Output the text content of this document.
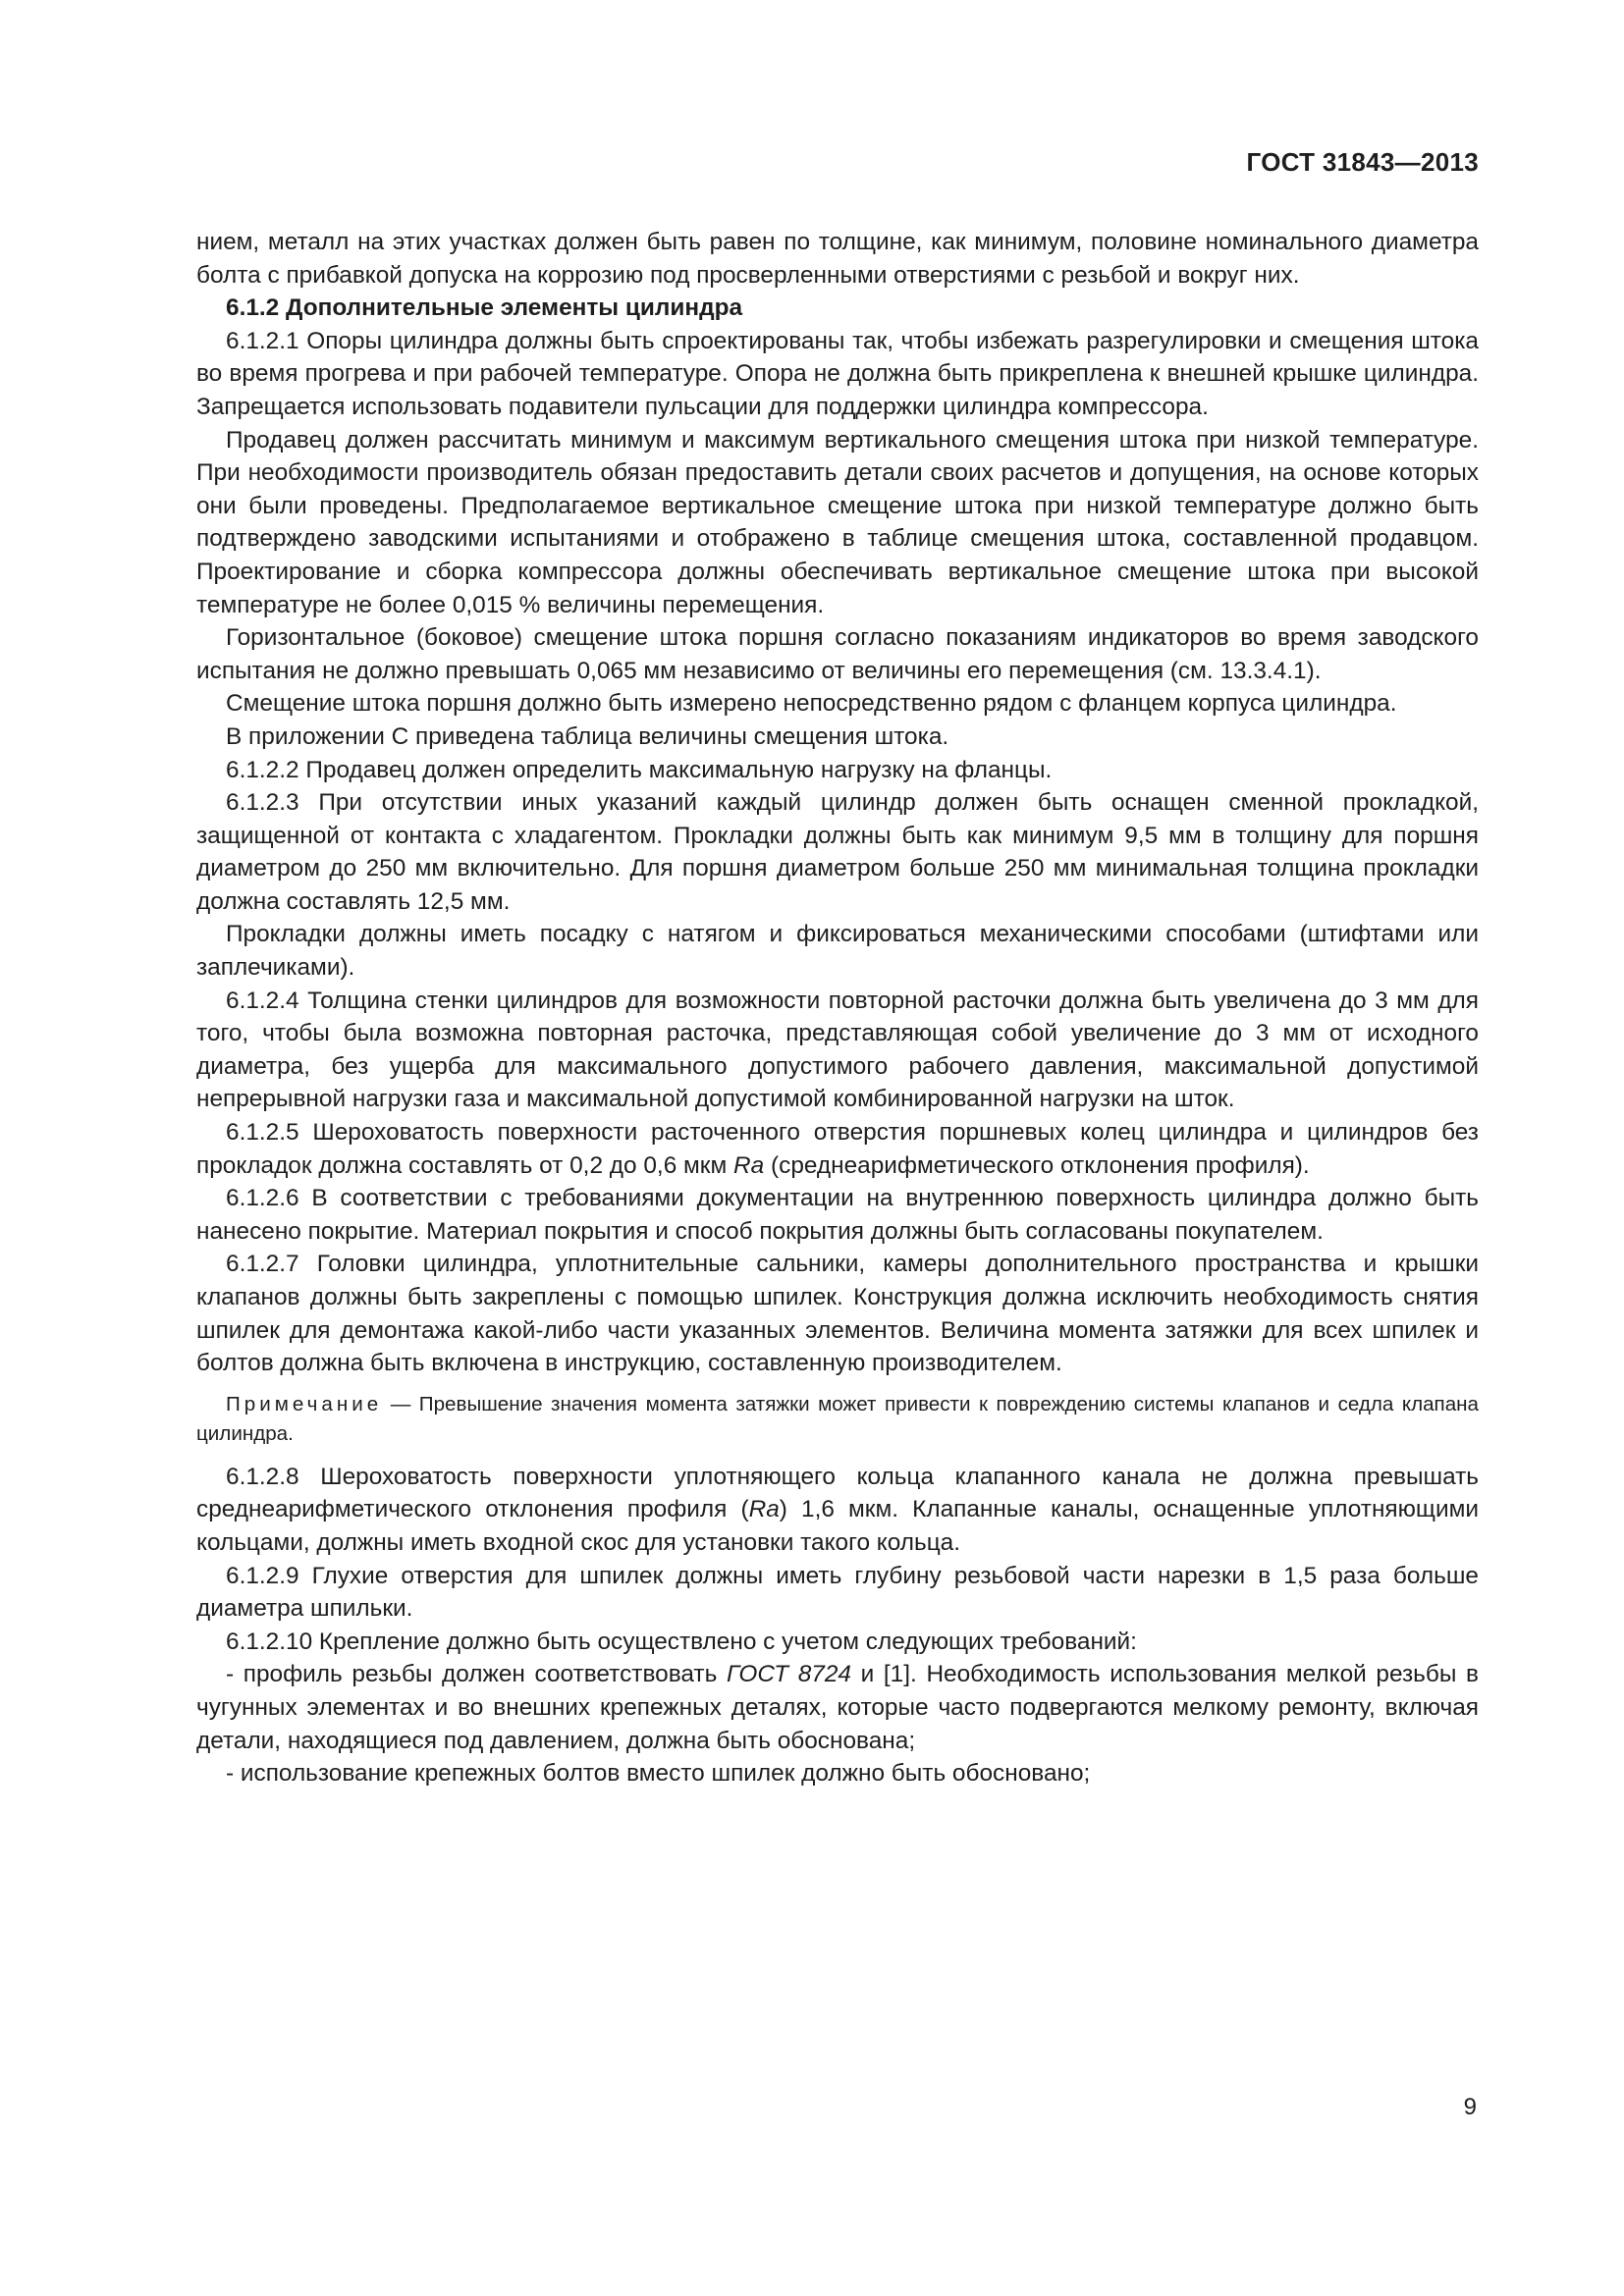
ГОСТ 31843—2013

нием, металл на этих участках должен быть равен по толщине, как минимум, половине номинального диаметра болта с прибавкой допуска на коррозию под просверленными отверстиями с резьбой и вокруг них.

6.1.2 Дополнительные элементы цилиндра

6.1.2.1 Опоры цилиндра должны быть спроектированы так, чтобы избежать разрегулировки и смещения штока во время прогрева и при рабочей температуре. Опора не должна быть прикреплена к внешней крышке цилиндра. Запрещается использовать подавители пульсации для поддержки цилиндра компрессора.

Продавец должен рассчитать минимум и максимум вертикального смещения штока при низкой температуре. При необходимости производитель обязан предоставить детали своих расчетов и допущения, на основе которых они были проведены. Предполагаемое вертикальное смещение штока при низкой температуре должно быть подтверждено заводскими испытаниями и отображено в таблице смещения штока, составленной продавцом. Проектирование и сборка компрессора должны обеспечивать вертикальное смещение штока при высокой температуре не более 0,015 % величины перемещения.

Горизонтальное (боковое) смещение штока поршня согласно показаниям индикаторов во время заводского испытания не должно превышать 0,065 мм независимо от величины его перемещения (см. 13.3.4.1).

Смещение штока поршня должно быть измерено непосредственно рядом с фланцем корпуса цилиндра.

В приложении С приведена таблица величины смещения штока.

6.1.2.2 Продавец должен определить максимальную нагрузку на фланцы.

6.1.2.3 При отсутствии иных указаний каждый цилиндр должен быть оснащен сменной прокладкой, защищенной от контакта с хладагентом. Прокладки должны быть как минимум 9,5 мм в толщину для поршня диаметром до 250 мм включительно. Для поршня диаметром больше 250 мм минимальная толщина прокладки должна составлять 12,5 мм.

Прокладки должны иметь посадку с натягом и фиксироваться механическими способами (штифтами или заплечиками).

6.1.2.4 Толщина стенки цилиндров для возможности повторной расточки должна быть увеличена до 3 мм для того, чтобы была возможна повторная расточка, представляющая собой увеличение до 3 мм от исходного диаметра, без ущерба для максимального допустимого рабочего давления, максимальной допустимой непрерывной нагрузки газа и максимальной допустимой комбинированной нагрузки на шток.

6.1.2.5 Шероховатость поверхности расточенного отверстия поршневых колец цилиндра и цилиндров без прокладок должна составлять от 0,2 до 0,6 мкм Ra (среднеарифметического отклонения профиля).

6.1.2.6 В соответствии с требованиями документации на внутреннюю поверхность цилиндра должно быть нанесено покрытие. Материал покрытия и способ покрытия должны быть согласованы покупателем.

6.1.2.7 Головки цилиндра, уплотнительные сальники, камеры дополнительного пространства и крышки клапанов должны быть закреплены с помощью шпилек. Конструкция должна исключить необходимость снятия шпилек для демонтажа какой-либо части указанных элементов. Величина момента затяжки для всех шпилек и болтов должна быть включена в инструкцию, составленную производителем.

Примечание — Превышение значения момента затяжки может привести к повреждению системы клапанов и седла клапана цилиндра.

6.1.2.8 Шероховатость поверхности уплотняющего кольца клапанного канала не должна превышать среднеарифметического отклонения профиля (Ra) 1,6 мкм. Клапанные каналы, оснащенные уплотняющими кольцами, должны иметь входной скос для установки такого кольца.

6.1.2.9 Глухие отверстия для шпилек должны иметь глубину резьбовой части нарезки в 1,5 раза больше диаметра шпильки.

6.1.2.10 Крепление должно быть осуществлено с учетом следующих требований:

- профиль резьбы должен соответствовать ГОСТ 8724 и [1]. Необходимость использования мелкой резьбы в чугунных элементах и во внешних крепежных деталях, которые часто подвергаются мелкому ремонту, включая детали, находящиеся под давлением, должна быть обоснована;

- использование крепежных болтов вместо шпилек должно быть обосновано;

9
